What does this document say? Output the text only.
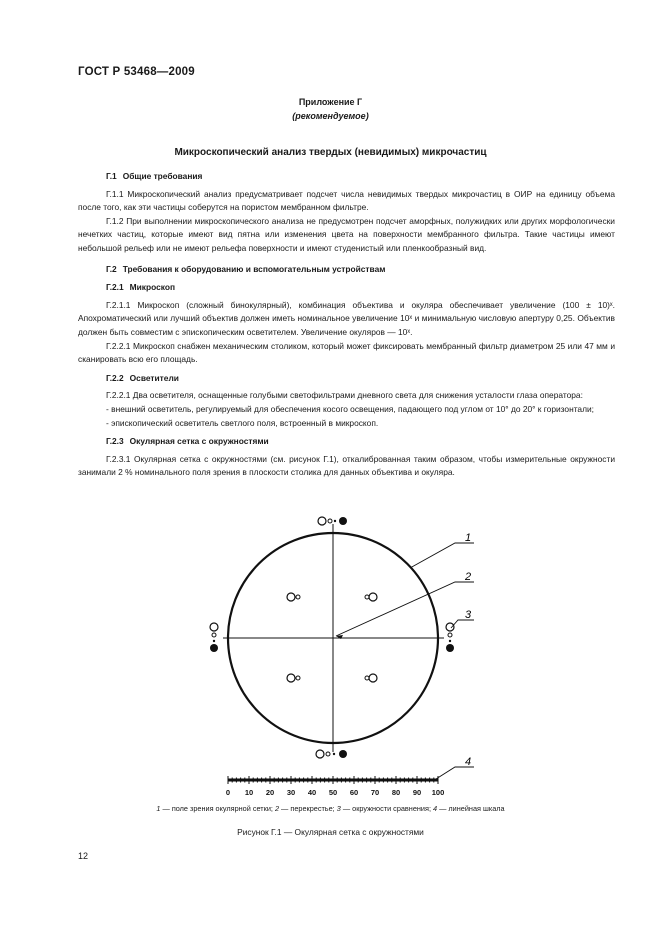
ГОСТ Р 53468—2009
Приложение Г
(рекомендуемое)
Микроскопический анализ твердых (невидимых) микрочастиц
Г.1 Общие требования

Г.1.1 Микроскопический анализ предусматривает подсчет числа невидимых твердых микрочастиц в ОИР на единицу объема после того, как эти частицы соберутся на пористом мембранном фильтре.

Г.1.2 При выполнении микроскопического анализа не предусмотрен подсчет аморфных, полужидких или других морфологически нечетких частиц, которые имеют вид пятна или изменения цвета на поверхности мембранного фильтра. Такие частицы имеют небольшой рельеф или не имеют рельефа поверхности и имеют студенистый или пленкообразный вид.

Г.2 Требования к оборудованию и вспомогательным устройствам
Г.2.1 Микроскоп

Г.2.1.1 Микроскоп (сложный бинокулярный), комбинация объектива и окуляра обеспечивает увеличение (100 ± 10)ˣ. Апохроматический или лучший объектив должен иметь номинальное увеличение 10ˣ и минимальную числовую апертуру 0,25. Объектив должен быть совместим с эпископическим осветителем. Увеличение окуляров — 10ˣ.

Г.2.2.1 Микроскоп снабжен механическим столиком, который может фиксировать мембранный фильтр диаметром 25 или 47 мм и сканировать всю его площадь.

Г.2.2 Осветители

Г.2.2.1 Два осветителя, оснащенные голубыми светофильтрами дневного света для снижения усталости глаза оператора:

- внешний осветитель, регулируемый для обеспечения косого освещения, падающего под углом от 10° до 20° к горизонтали;

- эпископический осветитель светлого поля, встроенный в микроскоп.

Г.2.3 Окулярная сетка с окружностями

Г.2.3.1 Окулярная сетка с окружностями (см. рисунок Г.1), откалиброванная таким образом, чтобы измерительные окружности занимали 2 % номинального поля зрения в плоскости столика для данных объектива и окуляра.

1
2
3
4
0 10 20 30 40 50 60 70 80 90 100
1 — поле зрения окулярной сетки; 2 — перекрестье; 3 — окружности сравнения; 4 — линейная шкала
Рисунок Г.1 — Окулярная сетка с окружностями
12
